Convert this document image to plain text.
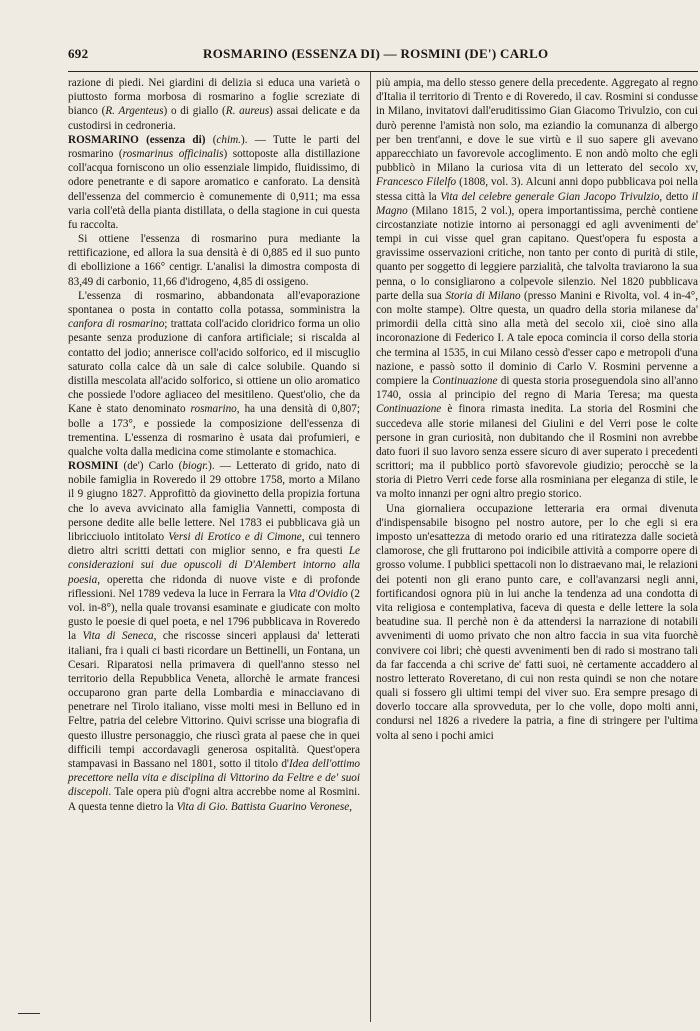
692	ROSMARINO (ESSENZA DI) — ROSMINI (DE') CARLO

razione di piedi. Nei giardini di delizia si educa una varietà o piuttosto forma morbosa di rosmarino a foglie screziate di bianco (R. Argenteus) o di giallo (R. aureus) assai delicate e da custodirsi in cedroneria.

ROSMARINO (essenza di) (chim.). — Tutte le parti del rosmarino (rosmarinus officinalis) sottoposte alla distillazione coll'acqua forniscono un olio essenziale limpido, fluidissimo, di odore penetrante e di sapore aromatico e canforato. La densità dell'essenza del commercio è comunemente di 0,911; ma essa varia coll'età della pianta distillata, o della stagione in cui questa fu raccolta.

Si ottiene l'essenza di rosmarino pura mediante la rettificazione, ed allora la sua densità è di 0,885 ed il suo punto di ebollizione a 166° centigr. L'analisi la dimostra composta di 83,49 di carbonio, 11,66 d'idrogeno, 4,85 di ossigeno.

L'essenza di rosmarino, abbandonata all'evaporazione spontanea o posta in contatto colla potassa, somministra la canfora di rosmarino; trattata coll'acido cloridrico forma un olio pesante senza produzione di canfora artificiale; si riscalda al contatto del jodio; annerisce coll'acido solforico, ed il miscuglio saturato colla calce dà un sale di calce solubile. Quando si distilla mescolata all'acido solforico, si ottiene un olio aromatico che possiede l'odore agliaceo del mesitileno. Quest'olio, che da Kane è stato denominato rosmarino, ha una densità di 0,807; bolle a 173°, e possiede la composizione dell'essenza di trementina. L'essenza di rosmarino è usata dai profumieri, e qualche volta dalla medicina come stimolante e stomachica.

ROSMINI (de') Carlo (biogr.). — Letterato di grido, nato di nobile famiglia in Roveredo il 29 ottobre 1758, morto a Milano il 9 giugno 1827. Approfittò da giovinetto della propizia fortuna che lo aveva avvicinato alla famiglia Vannetti, composta di persone dedite alle belle lettere. Nel 1783 ei pubblicava già un libricciuolo intitolato Versi di Erotico e di Cimone, cui tennero dietro altri scritti dettati con miglior senno, e fra questi Le considerazioni sui due opuscoli di D'Alembert intorno alla poesia, operetta che ridonda di nuove viste e di profonde riflessioni. Nel 1789 vedeva la luce in Ferrara la Vita d'Ovidio (2 vol. in-8°), nella quale trovansi esaminate e giudicate con molto gusto le poesie di quel poeta, e nel 1796 pubblicava in Roveredo la Vita di Seneca, che riscosse sinceri applausi da' letterati italiani, fra i quali ci basti ricordare un Bettinelli, un Fontana, un Cesari. Riparatosi nella primavera di quell'anno stesso nel territorio della Repubblica Veneta, allorchè le armate francesi occuparono gran parte della Lombardia e minacciavano di penetrare nel Tirolo italiano, visse molti mesi in Belluno ed in Feltre, patria del celebre Vittorino. Quivi scrisse una biografia di questo illustre personaggio, che riuscì grata al paese che in quei difficili tempi accordavagli generosa ospitalità. Quest'opera stampavasi in Bassano nel 1801, sotto il titolo d'Idea dell'ottimo precettore nella vita e disciplina di Vittorino da Feltre e de' suoi discepoli. Tale opera più d'ogni altra accrebbe nome al Rosmini. A questa tenne dietro la Vita di Gio. Battista Guarino Veronese,

più ampia, ma dello stesso genere della precedente. Aggregato al regno d'Italia il territorio di Trento e di Roveredo, il cav. Rosmini si condusse in Milano, invitatovi dall'eruditissimo Gian Giacomo Trivulzio, con cui durò perenne l'amistà non solo, ma eziandio la comunanza di albergo per ben trent'anni, e dove le sue virtù e il suo sapere gli avevano apparecchiato un favorevole accoglimento. E non andò molto che egli pubblicò in Milano la curiosa vita di un letterato del secolo xv, Francesco Filelfo (1808, vol. 3). Alcuni anni dopo pubblicava poi nella stessa città la Vita del celebre generale Gian Jacopo Trivulzio, detto il Magno (Milano 1815, 2 vol.), opera importantissima, perchè contiene circostanziate notizie intorno ai personaggi ed agli avvenimenti de' tempi in cui visse quel gran capitano. Quest'opera fu esposta a gravissime osservazioni critiche, non tanto per conto di purità di stile, quanto per soggetto di leggiere parzialità, che talvolta traviarono la sua penna, o lo consigliarono a colpevole silenzio. Nel 1820 pubblicava parte della sua Storia di Milano (presso Manini e Rivolta, vol. 4 in-4°, con molte stampe). Oltre questa, un quadro della storia milanese da' primordii della città sino alla metà del secolo xii, cioè sino alla incoronazione di Federico I. A tale epoca comincia il corso della storia che termina al 1535, in cui Milano cessò d'esser capo e metropoli d'una nazione, e passò sotto il dominio di Carlo V. Rosmini pervenne a compiere la Continuazione di questa storia proseguendola sino all'anno 1740, ossia al principio del regno di Maria Teresa; ma questa Continuazione è finora rimasta inedita. La storia del Rosmini che succedeva alle storie milanesi del Giulini e del Verri pose le colte persone in gran curiosità, non dubitando che il Rosmini non avrebbe dato fuori il suo lavoro senza essere sicuro di aver superato i precedenti scrittori; ma il pubblico portò sfavorevole giudizio; perocchè se la storia di Pietro Verri cede forse alla rosminiana per eleganza di stile, le va molto innanzi per ogni altro pregio storico.

Una giornaliera occupazione letteraria era ormai divenuta d'indispensabile bisogno pel nostro autore, per lo che egli si era imposto un'esattezza di metodo orario ed una ritiratezza dalle società clamorose, che gli fruttarono poi indicibile attività a comporre opere di grosso volume. I pubblici spettacoli non lo distraevano mai, le relazioni dei potenti non gli erano punto care, e coll'avanzarsi negli anni, fortificandosi ognora più in lui anche la tendenza ad una condotta di vita religiosa e contemplativa, faceva di questa e delle lettere la sola beatudine sua. Il perchè non è da attendersi la narrazione di notabili avvenimenti di uomo privato che non altro faccia in sua vita fuorchè convivere coi libri; chè questi avvenimenti ben di rado si mostrano tali da far faccenda a chi scrive de' fatti suoi, nè certamente accaddero al nostro letterato Roveretano, di cui non resta quindi se non che notare quali si fossero gli ultimi tempi del viver suo. Era sempre presago di doverlo toccare alla sprovveduta, per lo che volle, dopo molti anni, condursi nel 1826 a rivedere la patria, a fine di stringere per l'ultima volta al seno i pochi amici
